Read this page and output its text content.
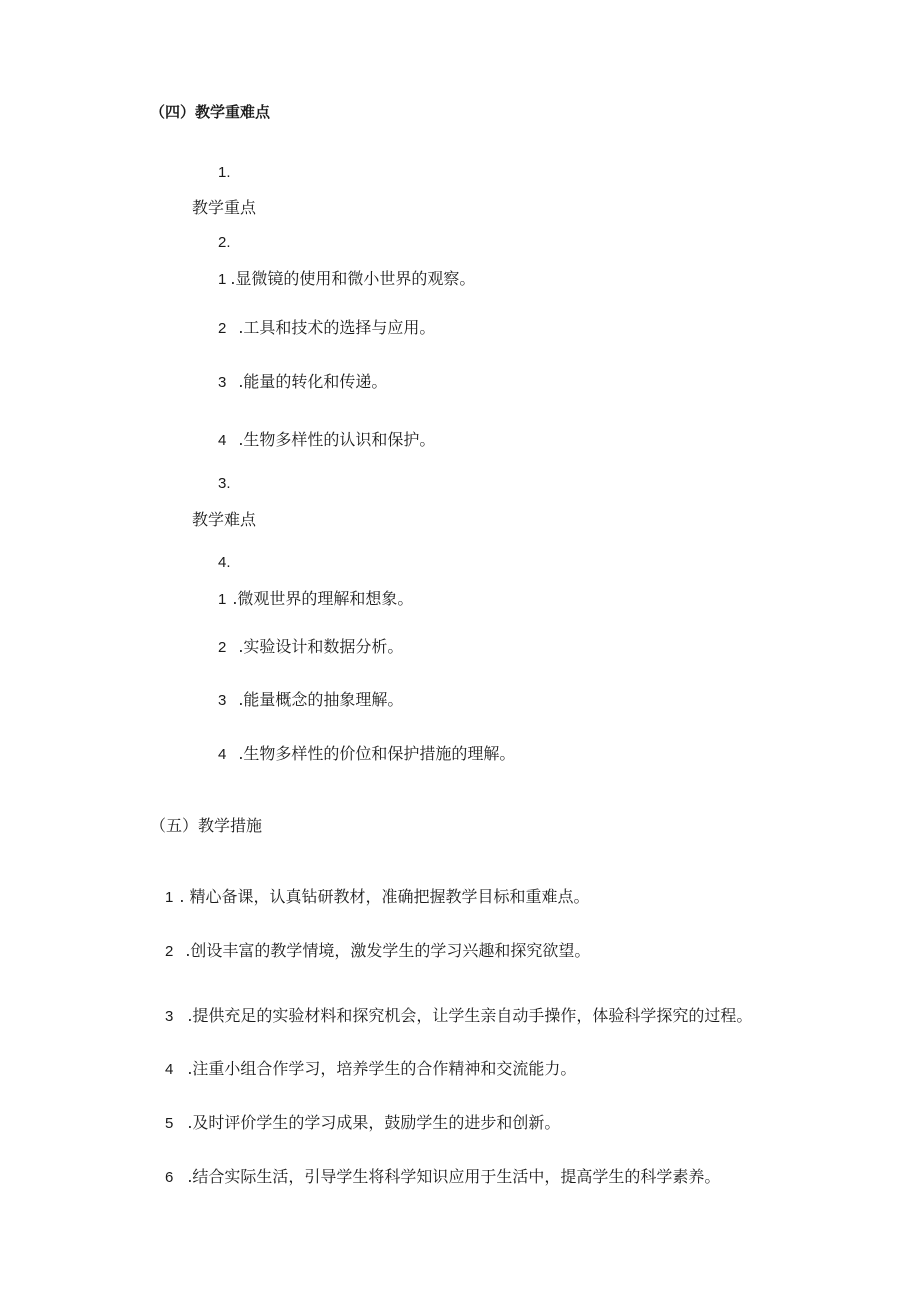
（四）教学重难点
1.
教学重点
2.
1 .显微镜的使用和微小世界的观察。
2 .工具和技术的选择与应用。
3 .能量的转化和传递。
4 .生物多样性的认识和保护。
3.
教学难点
4.
1 .微观世界的理解和想象。
2 .实验设计和数据分析。
3 .能量概念的抽象理解。
4 .生物多样性的价位和保护措施的理解。
（五）教学措施
1 . 精心备课，认真钻研教材，准确把握教学目标和重难点。
2 .创设丰富的教学情境，激发学生的学习兴趣和探究欲望。
3 .提供充足的实验材料和探究机会，让学生亲自动手操作，体验科学探究的过程。
4 .注重小组合作学习，培养学生的合作精神和交流能力。
5 .及时评价学生的学习成果，鼓励学生的进步和创新。
6 .结合实际生活，引导学生将科学知识应用于生活中，提高学生的科学素养。
